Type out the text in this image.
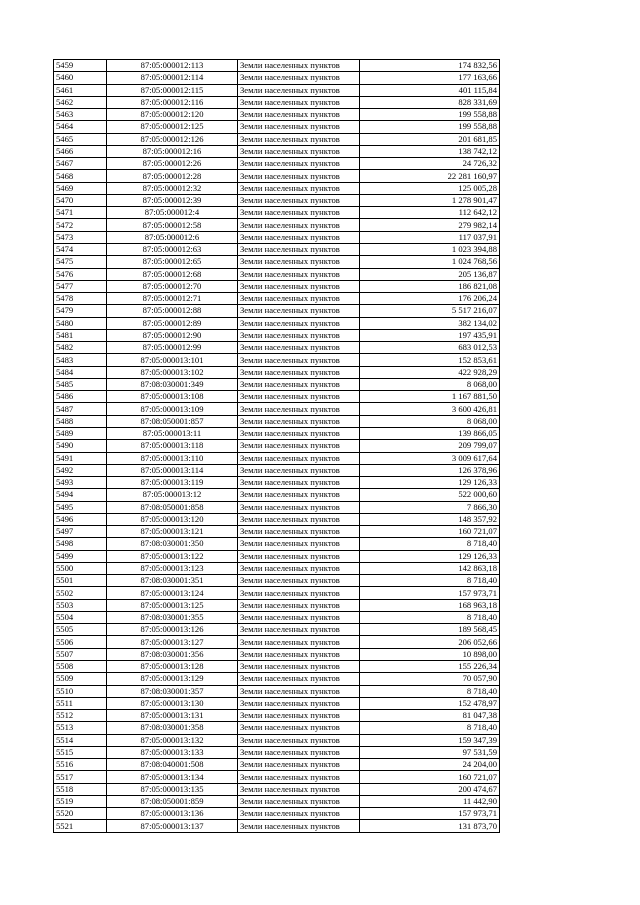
5459	87:05:000012:113	Земли населенных пунктов	174 832,56
5460	87:05:000012:114	Земли населенных пунктов	177 163,66
5461	87:05:000012:115	Земли населенных пунктов	401 115,84
5462	87:05:000012:116	Земли населенных пунктов	828 331,69
5463	87:05:000012:120	Земли населенных пунктов	199 558,88
5464	87:05:000012:125	Земли населенных пунктов	199 558,88
5465	87:05:000012:126	Земли населенных пунктов	201 681,85
5466	87:05:000012:16	Земли населенных пунктов	138 742,12
5467	87:05:000012:26	Земли населенных пунктов	24 726,32
5468	87:05:000012:28	Земли населенных пунктов	22 281 160,97
5469	87:05:000012:32	Земли населенных пунктов	125 005,28
5470	87:05:000012:39	Земли населенных пунктов	1 278 901,47
5471	87:05:000012:4	Земли населенных пунктов	112 642,12
5472	87:05:000012:58	Земли населенных пунктов	279 982,14
5473	87:05:000012:6	Земли населенных пунктов	117 037,91
5474	87:05:000012:63	Земли населенных пунктов	1 023 394,88
5475	87:05:000012:65	Земли населенных пунктов	1 024 768,56
5476	87:05:000012:68	Земли населенных пунктов	205 136,87
5477	87:05:000012:70	Земли населенных пунктов	186 821,08
5478	87:05:000012:71	Земли населенных пунктов	176 206,24
5479	87:05:000012:88	Земли населенных пунктов	5 517 216,07
5480	87:05:000012:89	Земли населенных пунктов	382 134,02
5481	87:05:000012:90	Земли населенных пунктов	197 435,91
5482	87:05:000012:99	Земли населенных пунктов	683 012,53
5483	87:05:000013:101	Земли населенных пунктов	152 853,61
5484	87:05:000013:102	Земли населенных пунктов	422 928,29
5485	87:08:030001:349	Земли населенных пунктов	8 068,00
5486	87:05:000013:108	Земли населенных пунктов	1 167 881,50
5487	87:05:000013:109	Земли населенных пунктов	3 600 426,81
5488	87:08:050001:857	Земли населенных пунктов	8 068,00
5489	87:05:000013:11	Земли населенных пунктов	139 866,05
5490	87:05:000013:118	Земли населенных пунктов	209 799,07
5491	87:05:000013:110	Земли населенных пунктов	3 009 617,64
5492	87:05:000013:114	Земли населенных пунктов	126 378,96
5493	87:05:000013:119	Земли населенных пунктов	129 126,33
5494	87:05:000013:12	Земли населенных пунктов	522 000,60
5495	87:08:050001:858	Земли населенных пунктов	7 866,30
5496	87:05:000013:120	Земли населенных пунктов	148 357,92
5497	87:05:000013:121	Земли населенных пунктов	160 721,07
5498	87:08:030001:350	Земли населенных пунктов	8 718,40
5499	87:05:000013:122	Земли населенных пунктов	129 126,33
5500	87:05:000013:123	Земли населенных пунктов	142 863,18
5501	87:08:030001:351	Земли населенных пунктов	8 718,40
5502	87:05:000013:124	Земли населенных пунктов	157 973,71
5503	87:05:000013:125	Земли населенных пунктов	168 963,18
5504	87:08:030001:355	Земли населенных пунктов	8 718,40
5505	87:05:000013:126	Земли населенных пунктов	189 568,45
5506	87:05:000013:127	Земли населенных пунктов	206 052,66
5507	87:08:030001:356	Земли населенных пунктов	10 898,00
5508	87:05:000013:128	Земли населенных пунктов	155 226,34
5509	87:05:000013:129	Земли населенных пунктов	70 057,90
5510	87:08:030001:357	Земли населенных пунктов	8 718,40
5511	87:05:000013:130	Земли населенных пунктов	152 478,97
5512	87:05:000013:131	Земли населенных пунктов	81 047,38
5513	87:08:030001:358	Земли населенных пунктов	8 718,40
5514	87:05:000013:132	Земли населенных пунктов	159 347,39
5515	87:05:000013:133	Земли населенных пунктов	97 531,59
5516	87:08:040001:508	Земли населенных пунктов	24 204,00
5517	87:05:000013:134	Земли населенных пунктов	160 721,07
5518	87:05:000013:135	Земли населенных пунктов	200 474,67
5519	87:08:050001:859	Земли населенных пунктов	11 442,90
5520	87:05:000013:136	Земли населенных пунктов	157 973,71
5521	87:05:000013:137	Земли населенных пунктов	131 873,70
